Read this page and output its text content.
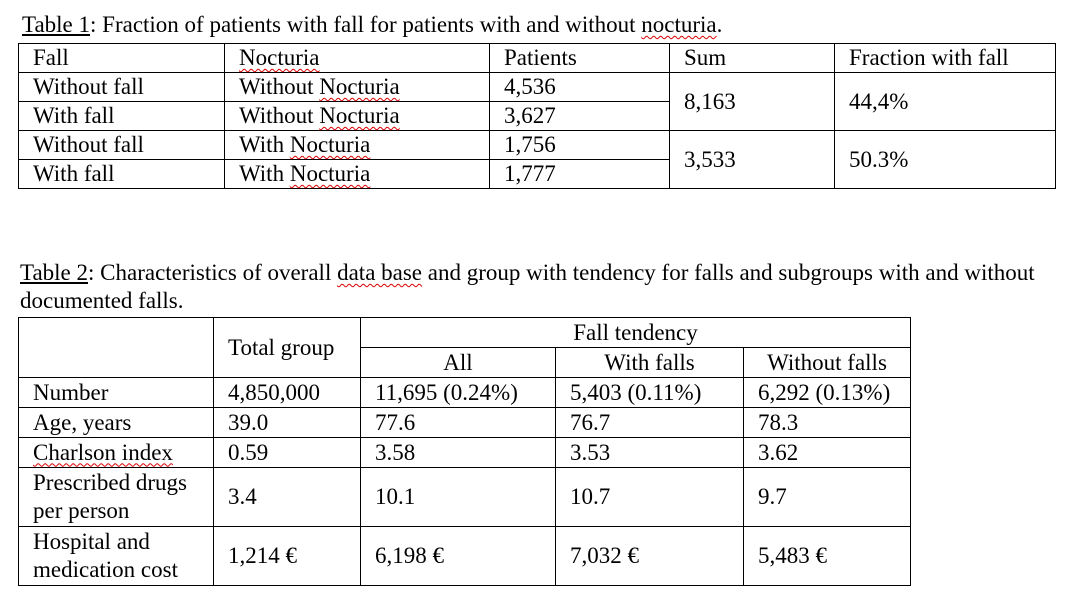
Table 1: Fraction of patients with fall for patients with and without nocturia.
Fall	Nocturia	Patients	Sum	Fraction with fall
Without fall	Without Nocturia	4,536	8,163	44,4%
With fall	Without Nocturia	3,627		
Without fall	With Nocturia	1,756	3,533	50.3%
With fall	With Nocturia	1,777		
Table 2: Characteristics of overall data base and group with tendency for falls and subgroups with and without documented falls.
	Total group	Fall tendency		
		All	With falls	Without falls
Number	4,850,000	11,695 (0.24%)	5,403 (0.11%)	6,292 (0.13%)
Age, years	39.0	77.6	76.7	78.3
Charlson index	0.59	3.58	3.53	3.62
Prescribed drugs per person	3.4	10.1	10.7	9.7
Hospital and medication cost	1,214 €	6,198 €	7,032 €	5,483 €
